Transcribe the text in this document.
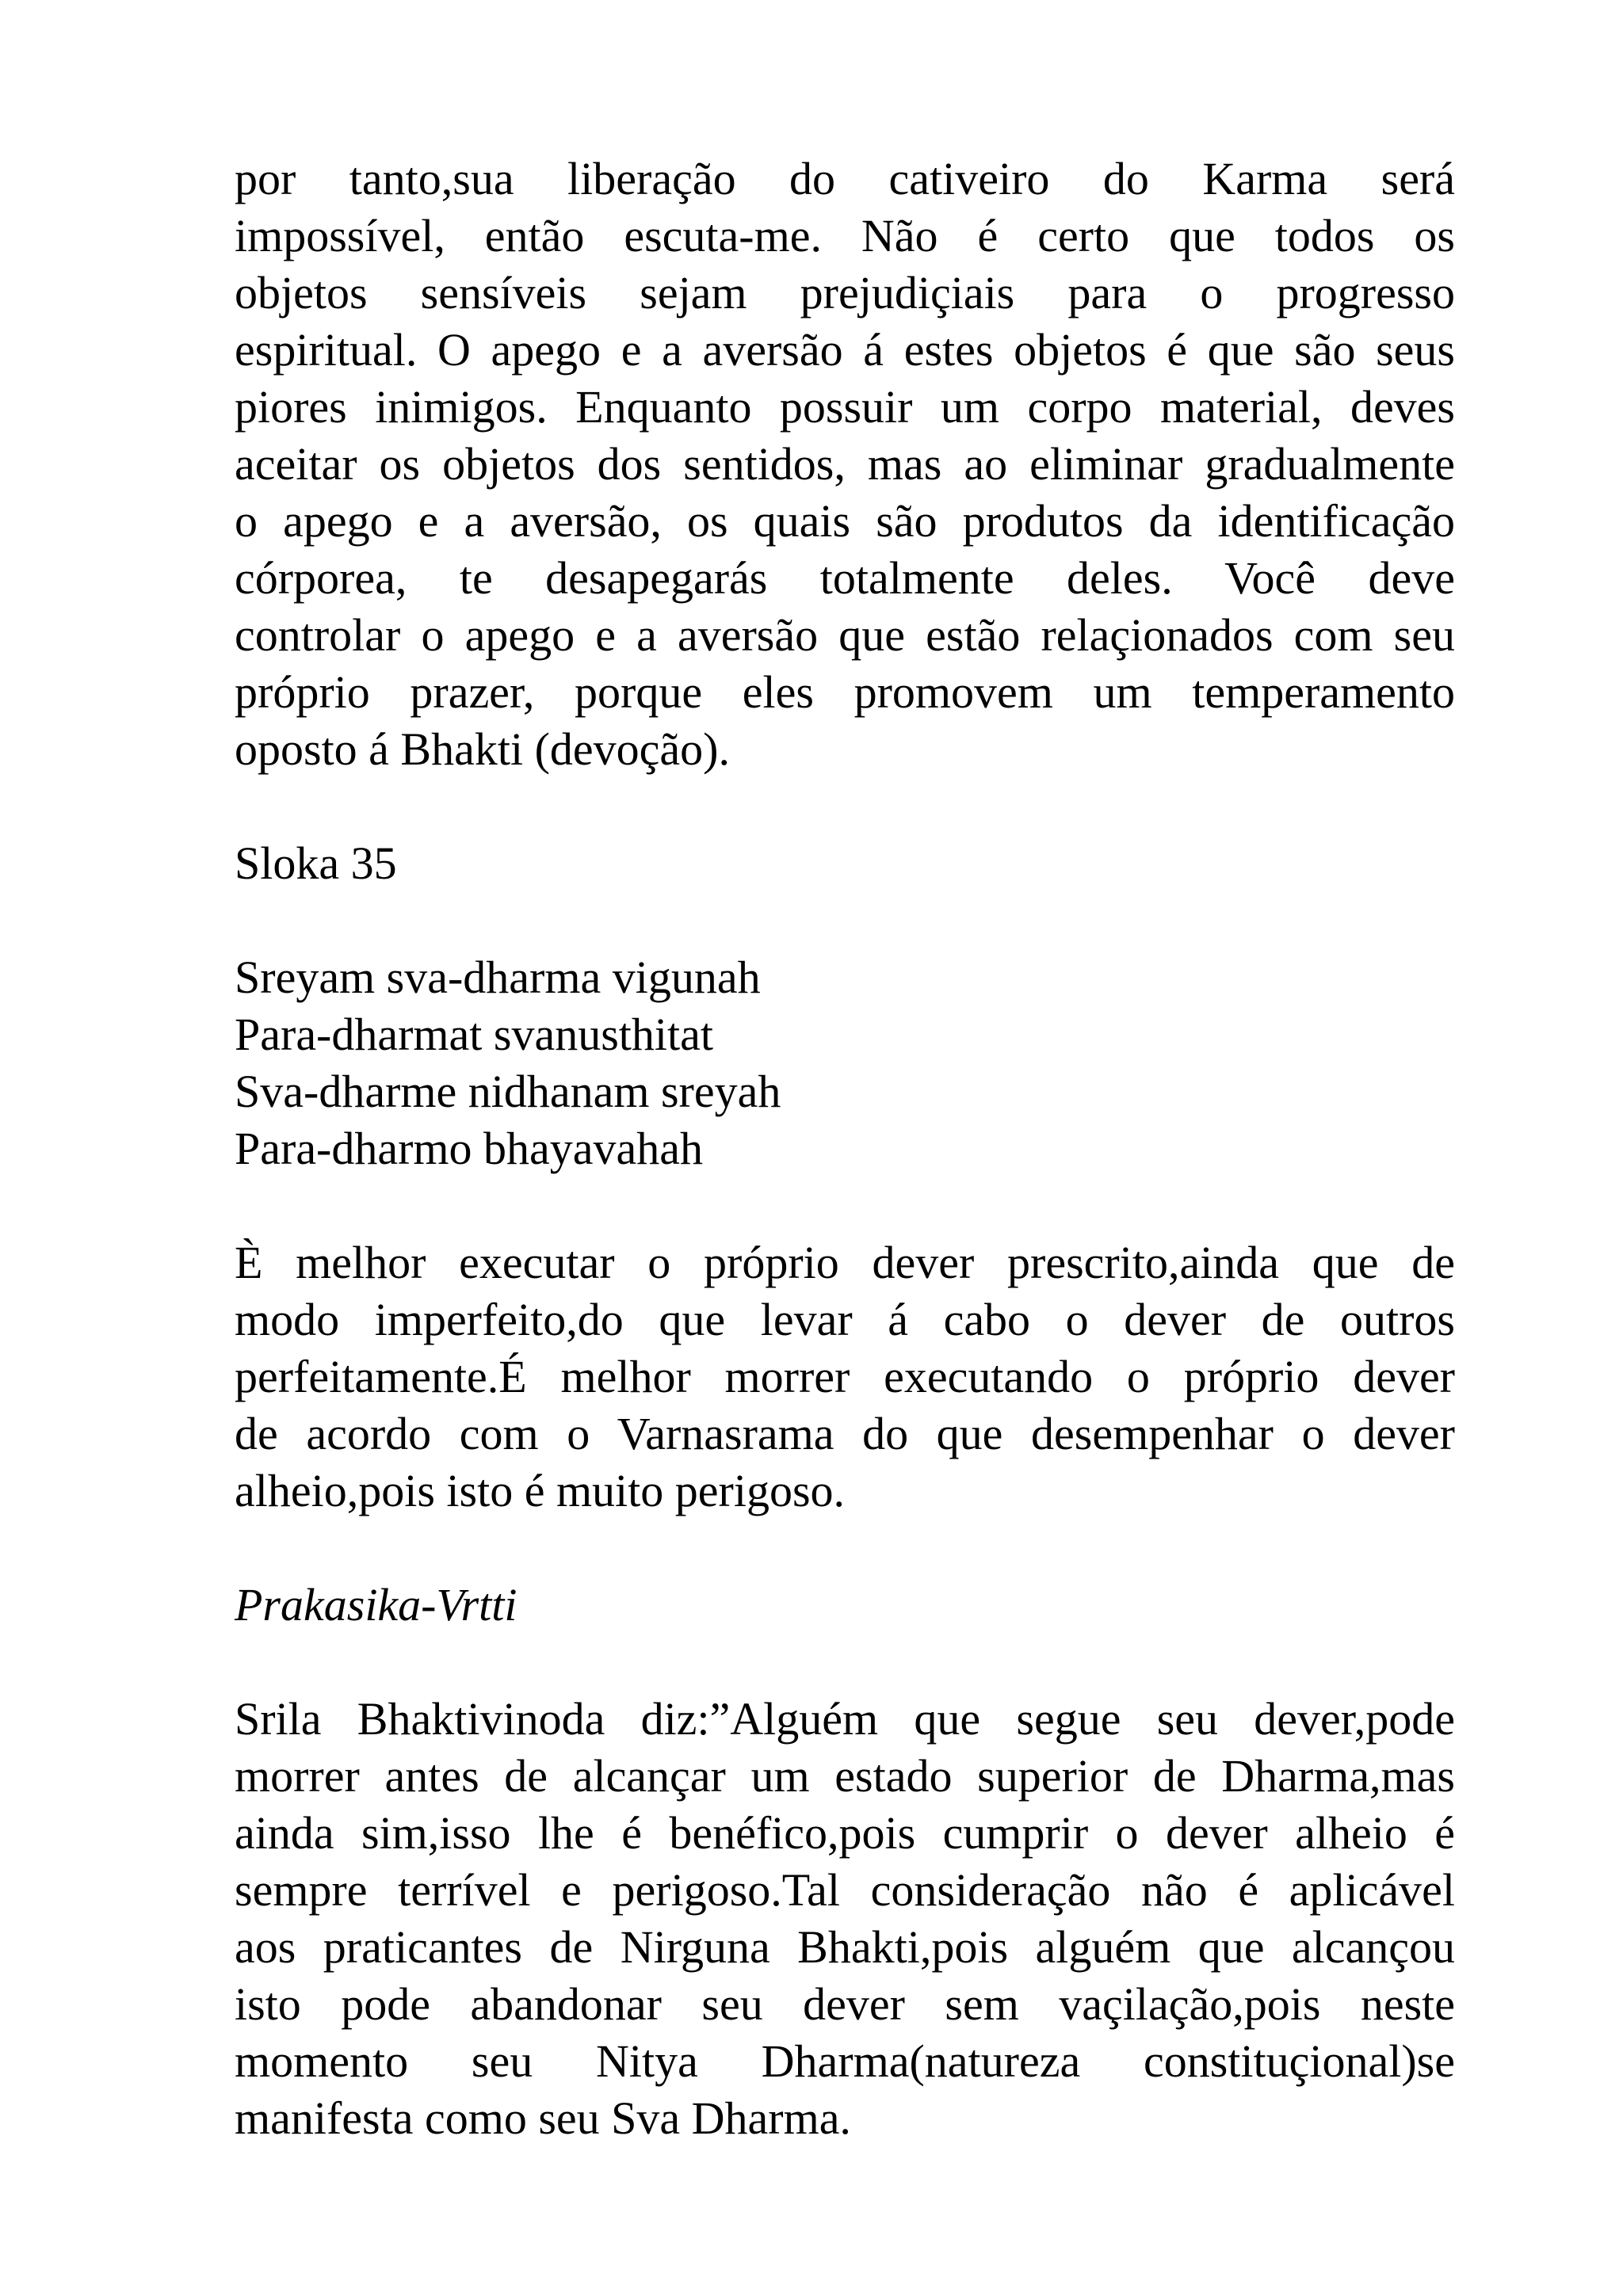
por tanto,sua liberação do cativeiro do Karma será
impossível, então escuta-me. Não é certo que todos os
objetos sensíveis sejam prejudiçiais para o progresso
espiritual. O apego e a aversão á estes objetos é que são seus
piores inimigos. Enquanto possuir um corpo material, deves
aceitar os objetos dos sentidos, mas ao eliminar gradualmente
o apego e a aversão, os quais são produtos da identificação
córporea, te desapegarás totalmente deles. Você deve
controlar o apego e a aversão que estão relaçionados com seu
próprio prazer, porque eles promovem um temperamento
oposto á Bhakti (devoção).
Sloka 35
Sreyam sva-dharma vigunah
Para-dharmat svanusthitat
Sva-dharme nidhanam sreyah
Para-dharmo bhayavahah
È melhor executar o próprio dever prescrito,ainda que de
modo imperfeito,do que levar á cabo o dever de outros
perfeitamente.É melhor morrer executando o próprio dever
de acordo com o Varnasrama do que desempenhar o dever
alheio,pois isto é muito perigoso.
Prakasika-Vrtti
Srila Bhaktivinoda diz:”Alguém que segue seu dever,pode
morrer antes de alcançar um estado superior de Dharma,mas
ainda sim,isso lhe é benéfico,pois cumprir o dever alheio é
sempre terrível e perigoso.Tal consideração não é aplicável
aos praticantes de Nirguna Bhakti,pois alguém que alcançou
isto pode abandonar seu dever sem vaçilação,pois neste
momento seu Nitya Dharma(natureza constituçional)se
manifesta como seu Sva Dharma.
